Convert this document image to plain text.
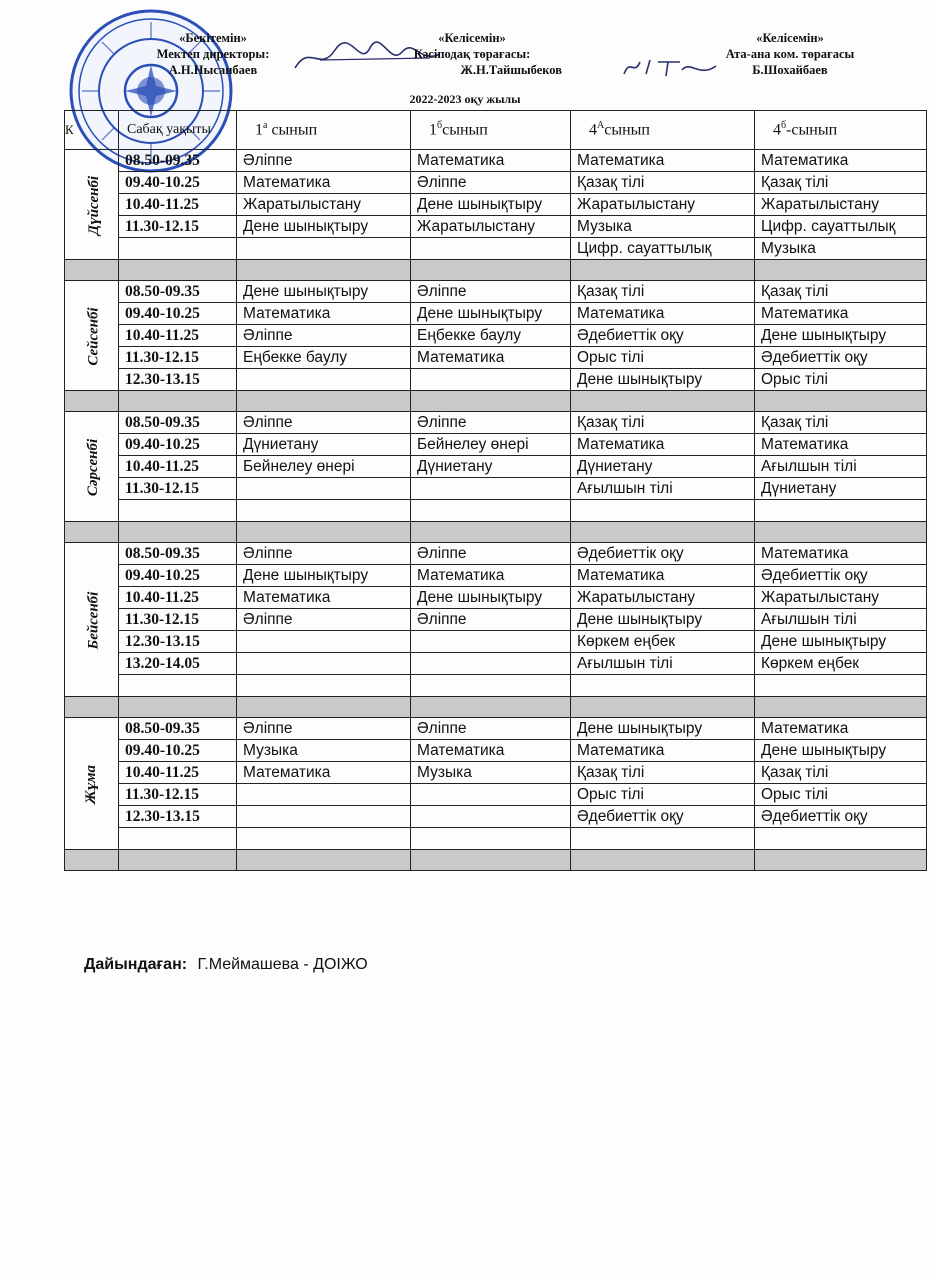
«Бекітемін»
Мектеп директоры:
А.Н.Нысанбаев
«Келісемін»
Кәсіподақ төрағасы:
Ж.Н.Тайшыбеков
«Келісемін»
Ата-ана ком. төрағасы
Б.Шохайбаев
2022-2023 оқу жылы
К	Сабақ уақыты	$1^а$ сынып	$1^бсынып$	$4^Асынып$	$4^б$-сынып
Дүйсенбі	08.50-09.35	Әліппе	Математика	Математика	Математика
	09.40-10.25	Математика	Әліппе	Қазақ тілі	Қазақ тілі
	10.40-11.25	Жаратылыстану	Дене шынықтыру	Жаратылыстану	Жаратылыстану
	11.30-12.15	Дене шынықтыру	Жаратылыстану	Музыка	Цифр. сауаттылық
				Цифр. сауаттылық	Музыка

Сейсенбі	08.50-09.35	Дене шынықтыру	Әліппе	Қазақ тілі	Қазақ тілі
	09.40-10.25	Математика	Дене шынықтыру	Математика	Математика
	10.40-11.25	Әліппе	Еңбекке баулу	Әдебиеттік оқу	Дене шынықтыру
	11.30-12.15	Еңбекке баулу	Математика	Орыс тілі	Әдебиеттік оқу
	12.30-13.15			Дене шынықтыру	Орыс тілі

Сәрсенбі	08.50-09.35	Әліппе	Әліппе	Қазақ тілі	Қазақ тілі
	09.40-10.25	Дүниетану	Бейнелеу өнері	Математика	Математика
	10.40-11.25	Бейнелеу өнері	Дүниетану	Дүниетану	Ағылшын тілі
	11.30-12.15			Ағылшын тілі	Дүниетану

Бейсенбі	08.50-09.35	Әліппе	Әліппе	Әдебиеттік оқу	Математика
	09.40-10.25	Дене шынықтыру	Математика	Математика	Әдебиеттік оқу
	10.40-11.25	Математика	Дене шынықтыру	Жаратылыстану	Жаратылыстану
	11.30-12.15	Әліппе	Әліппе	Дене шынықтыру	Ағылшын тілі
	12.30-13.15			Көркем еңбек	Дене шынықтыру
	13.20-14.05			Ағылшын тілі	Көркем еңбек

Жұма	08.50-09.35	Әліппе	Әліппе	Дене шынықтыру	Математика
	09.40-10.25	Музыка	Математика	Математика	Дене шынықтыру
	10.40-11.25	Математика	Музыка	Қазақ тілі	Қазақ тілі
	11.30-12.15			Орыс тілі	Орыс тілі
	12.30-13.15			Әдебиеттік оқу	Әдебиеттік оқу

Дайындаған: Г.Меймашева - ДОІЖО
